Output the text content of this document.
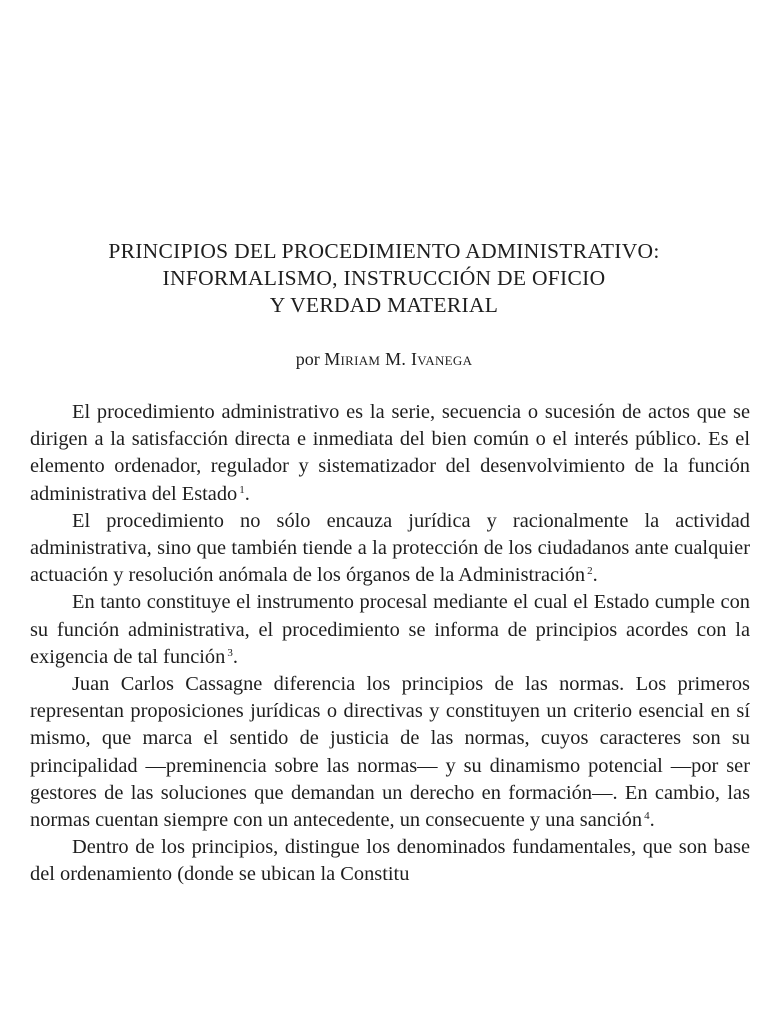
PRINCIPIOS DEL PROCEDIMIENTO ADMINISTRATIVO:
INFORMALISMO, INSTRUCCIÓN DE OFICIO
Y VERDAD MATERIAL
por Miriam M. Ivanega

El procedimiento administrativo es la serie, secuencia o sucesión de actos que se dirigen a la satisfacción directa e inmediata del bien común o el interés público. Es el elemento ordenador, regulador y sistematizador del desenvolvimiento de la función administrativa del Estado $^1$.

El procedimiento no sólo encauza jurídica y racionalmente la actividad administrativa, sino que también tiende a la protección de los ciudadanos ante cualquier actuación y resolución anómala de los órganos de la Administración $^2$.

En tanto constituye el instrumento procesal mediante el cual el Estado cumple con su función administrativa, el procedimiento se informa de principios acordes con la exigencia de tal función $^3$.

Juan Carlos Cassagne diferencia los principios de las normas. Los primeros representan proposiciones jurídicas o directivas y constituyen un criterio esencial en sí mismo, que marca el sentido de justicia de las normas, cuyos caracteres son su principalidad —preminencia sobre las normas— y su dinamismo potencial —por ser gestores de las soluciones que demandan un derecho en formación—. En cambio, las normas cuentan siempre con un antecedente, un consecuente y una sanción $^4$.

Dentro de los principios, distingue los denominados fundamentales, que son base del ordenamiento (donde se ubican la Constitu
